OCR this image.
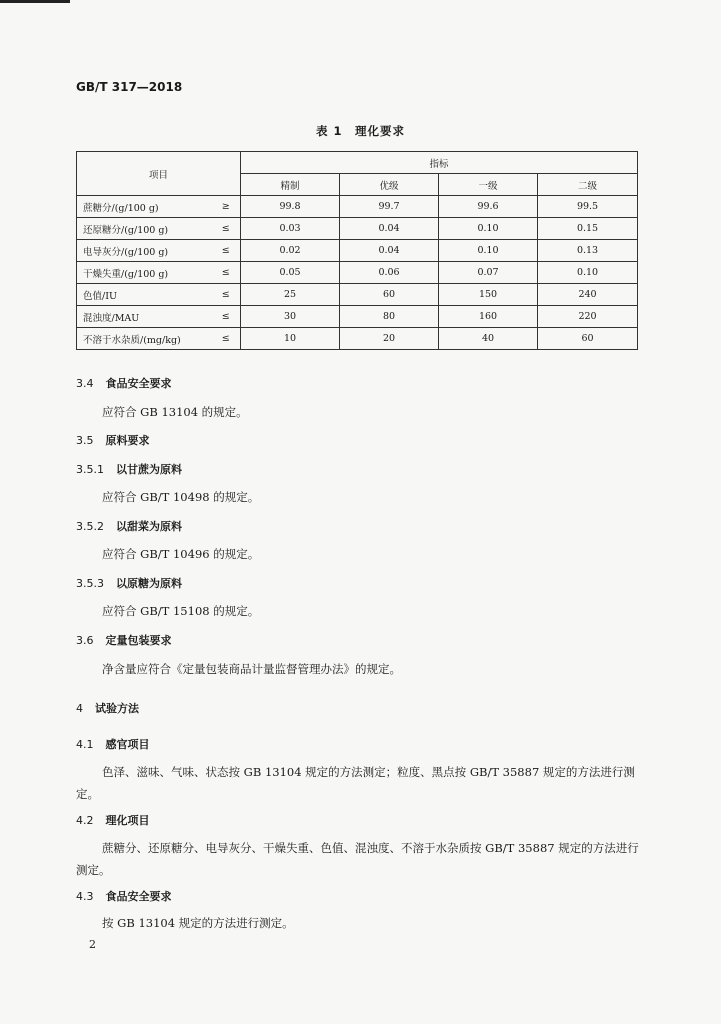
GB/T 317—2018
表 1　理化要求
项目		指标			
		精制	优级	一级	二级
蔗糖分/(g/100 g)	≥	99.8	99.7	99.6	99.5
还原糖分/(g/100 g)	≤	0.03	0.04	0.10	0.15
电导灰分/(g/100 g)	≤	0.02	0.04	0.10	0.13
干燥失重/(g/100 g)	≤	0.05	0.06	0.07	0.10
色值/IU	≤	25	60	150	240
混浊度/MAU	≤	30	80	160	220
不溶于水杂质/(mg/kg)	≤	10	20	40	60
3.4 食品安全要求
应符合 GB 13104 的规定。
3.5 原料要求
3.5.1 以甘蔗为原料
应符合 GB/T 10498 的规定。
3.5.2 以甜菜为原料
应符合 GB/T 10496 的规定。
3.5.3 以原糖为原料
应符合 GB/T 15108 的规定。
3.6 定量包装要求
净含量应符合《定量包装商品计量监督管理办法》的规定。
4 试验方法
4.1 感官项目
色泽、滋味、气味、状态按 GB 13104 规定的方法测定；粒度、黑点按 GB/T 35887 规定的方法进行测定。
4.2 理化项目
蔗糖分、还原糖分、电导灰分、干燥失重、色值、混浊度、不溶于水杂质按 GB/T 35887 规定的方法进行测定。
4.3 食品安全要求
按 GB 13104 规定的方法进行测定。
2
